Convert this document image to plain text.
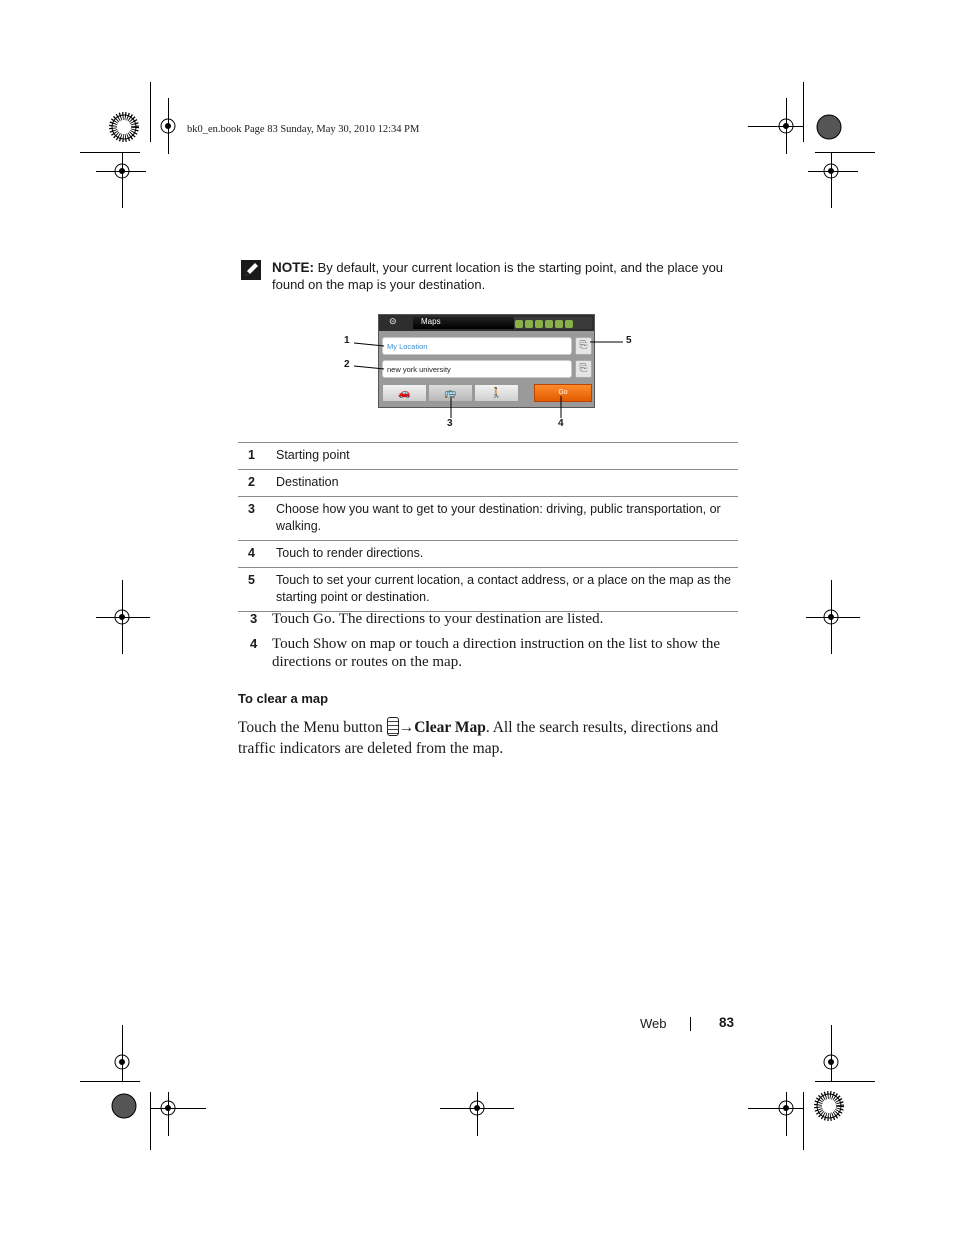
bk0_en.book Page 83 Sunday, May 30, 2010 12:34 PM
NOTE: By default, your current location is the starting point, and the place you found on the map is your destination.
⊝	Maps
My Location	⎘
new york university	⎘
🚗	🚌	🚶	Go
1
2
3	4
5
1	Starting point
2	Destination
3	Choose how you want to get to your destination: driving, public transportation, or walking.
4	Touch to render directions.
5	Touch to set your current location, a contact address, or a place on the map as the starting point or destination.
3 Touch Go. The directions to your destination are listed.
4 Touch Show on map or touch a direction instruction on the list to show the directions or routes on the map.
To clear a map
Touch the Menu button →Clear Map. All the search results, directions and traffic indicators are deleted from the map.
Web	83
